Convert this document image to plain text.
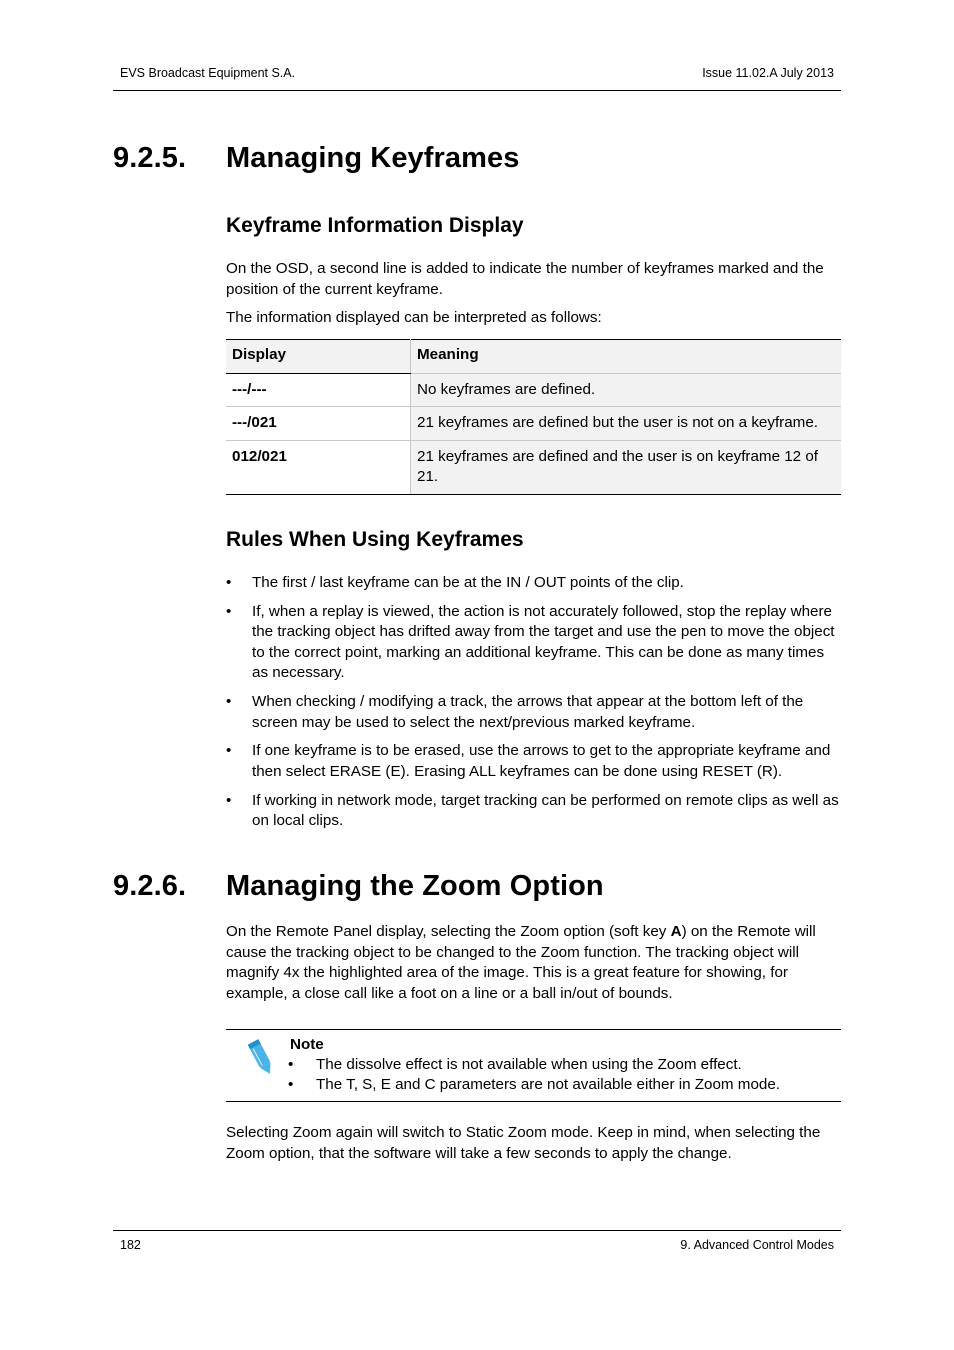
EVS Broadcast Equipment S.A.	Issue 11.02.A July 2013
9.2.5. Managing Keyframes
Keyframe Information Display
On the OSD, a second line is added to indicate the number of keyframes marked and the position of the current keyframe.
The information displayed can be interpreted as follows:
Display	Meaning
---/---	No keyframes are defined.
---/021	21 keyframes are defined but the user is not on a keyframe.
012/021	21 keyframes are defined and the user is on keyframe 12 of 21.
Rules When Using Keyframes
• The first / last keyframe can be at the IN / OUT points of the clip.
• If, when a replay is viewed, the action is not accurately followed, stop the replay where the tracking object has drifted away from the target and use the pen to move the object to the correct point, marking an additional keyframe. This can be done as many times as necessary.
• When checking / modifying a track, the arrows that appear at the bottom left of the screen may be used to select the next/previous marked keyframe.
• If one keyframe is to be erased, use the arrows to get to the appropriate keyframe and then select ERASE (E). Erasing ALL keyframes can be done using RESET (R).
• If working in network mode, target tracking can be performed on remote clips as well as on local clips.
9.2.6. Managing the Zoom Option
On the Remote Panel display, selecting the Zoom option (soft key A) on the Remote will cause the tracking object to be changed to the Zoom function. The tracking object will magnify 4x the highlighted area of the image. This is a great feature for showing, for example, a close call like a foot on a line or a ball in/out of bounds.
Note
• The dissolve effect is not available when using the Zoom effect.
• The T, S, E and C parameters are not available either in Zoom mode.
Selecting Zoom again will switch to Static Zoom mode. Keep in mind, when selecting the Zoom option, that the software will take a few seconds to apply the change.
182	9. Advanced Control Modes
